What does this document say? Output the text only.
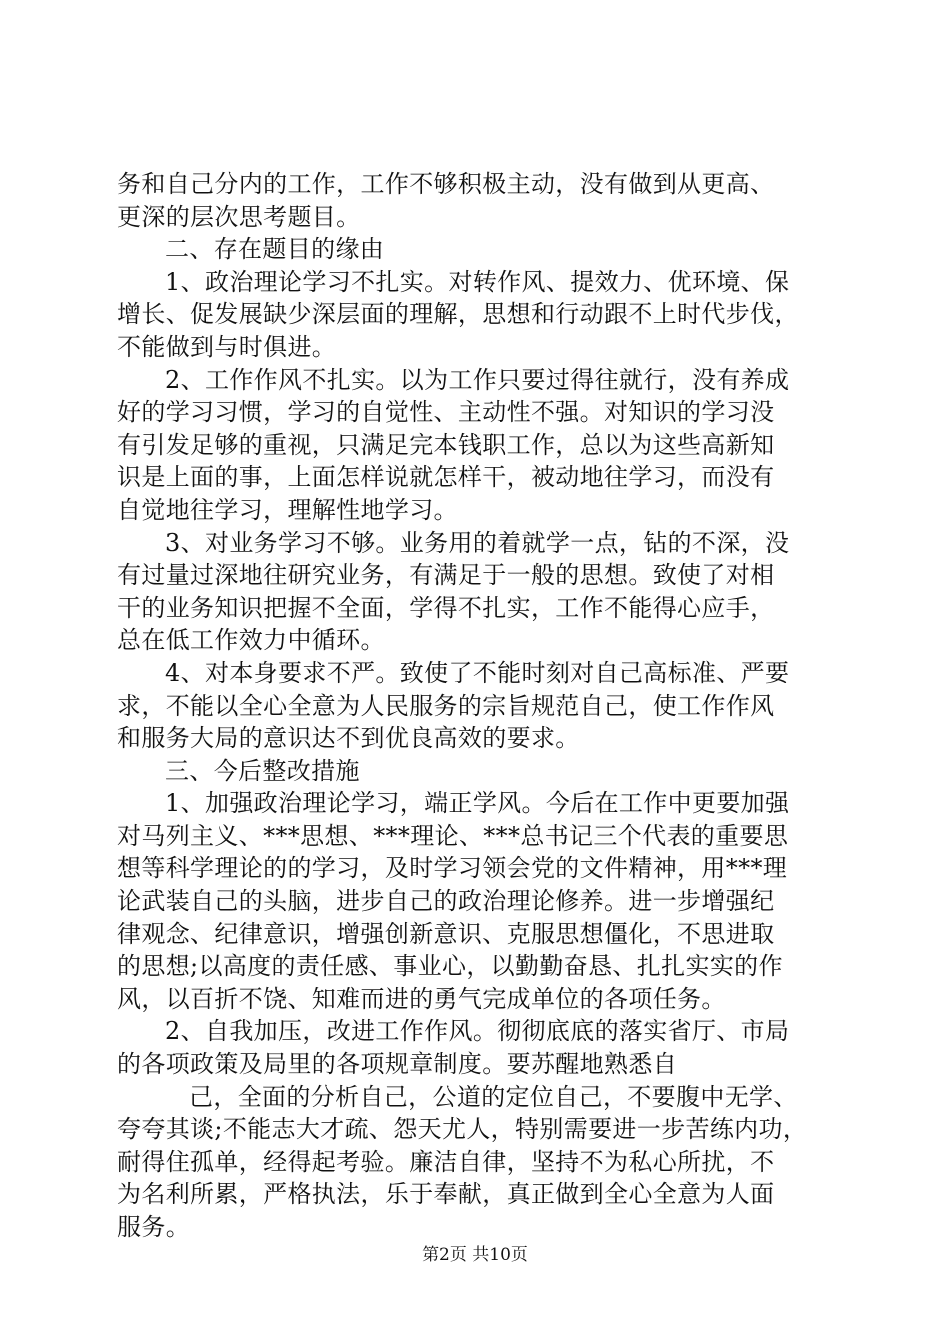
务和自己分内的工作，工作不够积极主动，没有做到从更高、
更深的层次思考题目。
二、存在题目的缘由
1、政治理论学习不扎实。对转作风、提效力、优环境、保
增长、促发展缺少深层面的理解，思想和行动跟不上时代步伐，
不能做到与时俱进。
2、工作作风不扎实。以为工作只要过得往就行，没有养成
好的学习习惯，学习的自觉性、主动性不强。对知识的学习没
有引发足够的重视，只满足完本钱职工作，总以为这些高新知
识是上面的事，上面怎样说就怎样干，被动地往学习，而没有
自觉地往学习，理解性地学习。
3、对业务学习不够。业务用的着就学一点，钻的不深，没
有过量过深地往研究业务，有满足于一般的思想。致使了对相
干的业务知识把握不全面，学得不扎实，工作不能得心应手，
总在低工作效力中循环。
4、对本身要求不严。致使了不能时刻对自己高标准、严要
求，不能以全心全意为人民服务的宗旨规范自己，使工作作风
和服务大局的意识达不到优良高效的要求。
三、今后整改措施
1、加强政治理论学习，端正学风。今后在工作中更要加强
对马列主义、***思想、***理论、***总书记三个代表的重要思
想等科学理论的的学习，及时学习领会党的文件精神，用***理
论武装自己的头脑，进步自己的政治理论修养。进一步增强纪
律观念、纪律意识，增强创新意识、克服思想僵化，不思进取
的思想;以高度的责任感、事业心，以勤勤奋恳、扎扎实实的作
风，以百折不饶、知难而进的勇气完成单位的各项任务。
2、自我加压，改进工作作风。彻彻底底的落实省厅、市局
的各项政策及局里的各项规章制度。要苏醒地熟悉自
己，全面的分析自己，公道的定位自己，不要腹中无学、
夸夸其谈;不能志大才疏、怨天尤人，特别需要进一步苦练内功，
耐得住孤单，经得起考验。廉洁自律，坚持不为私心所扰，不
为名利所累，严格执法，乐于奉献，真正做到全心全意为人面
服务。
第2页 共10页
